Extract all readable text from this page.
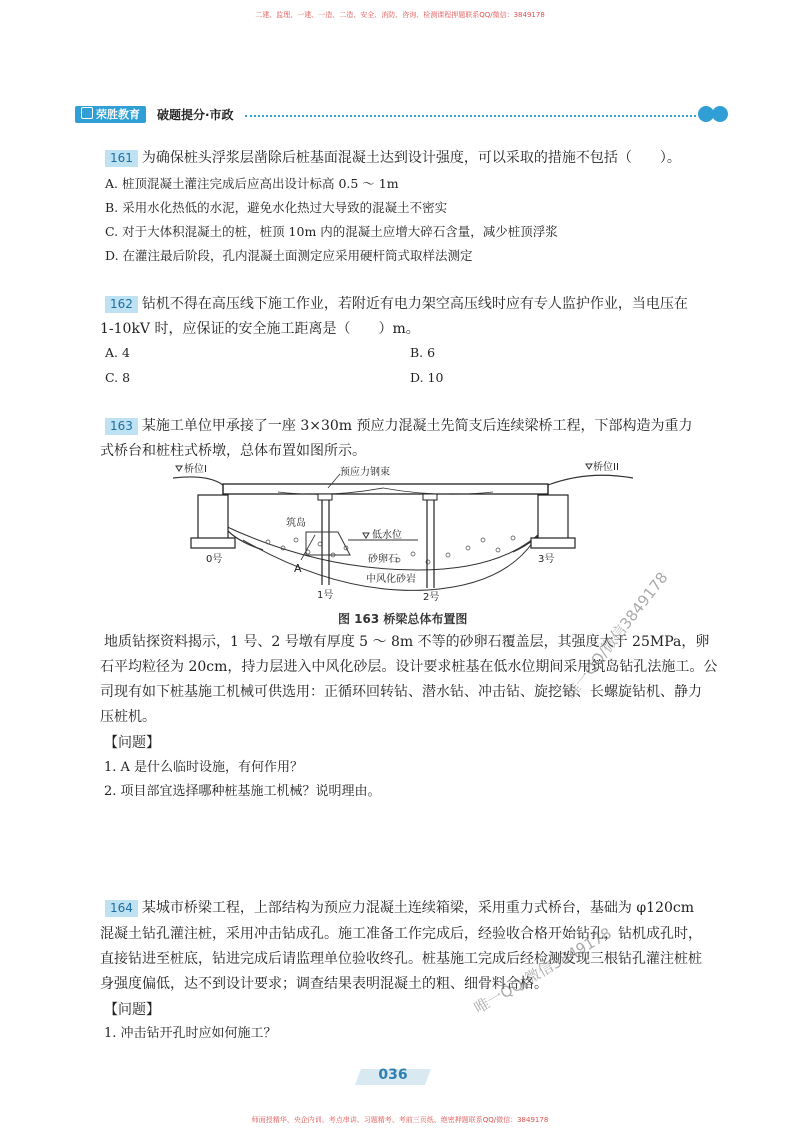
二建、监理、一建、一造、二造、安全、消防、咨询、检测课程押题联系QQ/微信：3849178
荣胜教育	破题提分·市政
161 为确保桩头浮浆层凿除后桩基面混凝土达到设计强度，可以采取的措施不包括（　　）。
A. 桩顶混凝土灌注完成后应高出设计标高 0.5 ～ 1m
B. 采用水化热低的水泥，避免水化热过大导致的混凝土不密实
C. 对于大体积混凝土的桩，桩顶 10m 内的混凝土应增大碎石含量，减少桩顶浮浆
D. 在灌注最后阶段，孔内混凝土面测定应采用硬杆筒式取样法测定
162 钻机不得在高压线下施工作业，若附近有电力架空高压线时应有专人监护作业，当电压在
1-10kV 时，应保证的安全施工距离是（　　）m。
A. 4	B. 6
C. 8	D. 10
163 某施工单位甲承接了一座 3×30m 预应力混凝土先简支后连续梁桥工程，下部构造为重力
式桥台和桩柱式桥墩，总体布置如图所示。
桥位I	桥位II
预应力钢束
筑岛
低水位
砂卵石
中风化砂岩
A
0号
1号	2号
3号
图 163 桥梁总体布置图
地质钻探资料揭示，1 号、2 号墩有厚度 5 ～ 8m 不等的砂卵石覆盖层，其强度大于 25MPa，卵
石平均粒径为 20cm，持力层进入中风化砂层。设计要求桩基在低水位期间采用筑岛钻孔法施工。公
司现有如下桩基施工机械可供选用：正循环回转钻、潜水钻、冲击钻、旋挖钻、长螺旋钻机、静力
压桩机。
【问题】
1. A 是什么临时设施，有何作用？
2. 项目部宜选择哪种桩基施工机械？说明理由。
164 某城市桥梁工程，上部结构为预应力混凝土连续箱梁，采用重力式桥台，基础为 φ120cm
混凝土钻孔灌注桩，采用冲击钻成孔。施工准备工作完成后，经验收合格开始钻孔，钻机成孔时，
直接钻进至桩底，钻进完成后请监理单位验收终孔。桩基施工完成后经检测发现三根钻孔灌注桩桩
身强度偏低，达不到设计要求；调查结果表明混凝土的粗、细骨料合格。
【问题】
1. 冲击钻开孔时应如何施工？
唯一QQ/微信3849178
唯一QQ/微信3849178
036
师面授精华、央企内训、考点串讲、习题精考、考前三页纸、绝密押题联系QQ/微信：3849178
